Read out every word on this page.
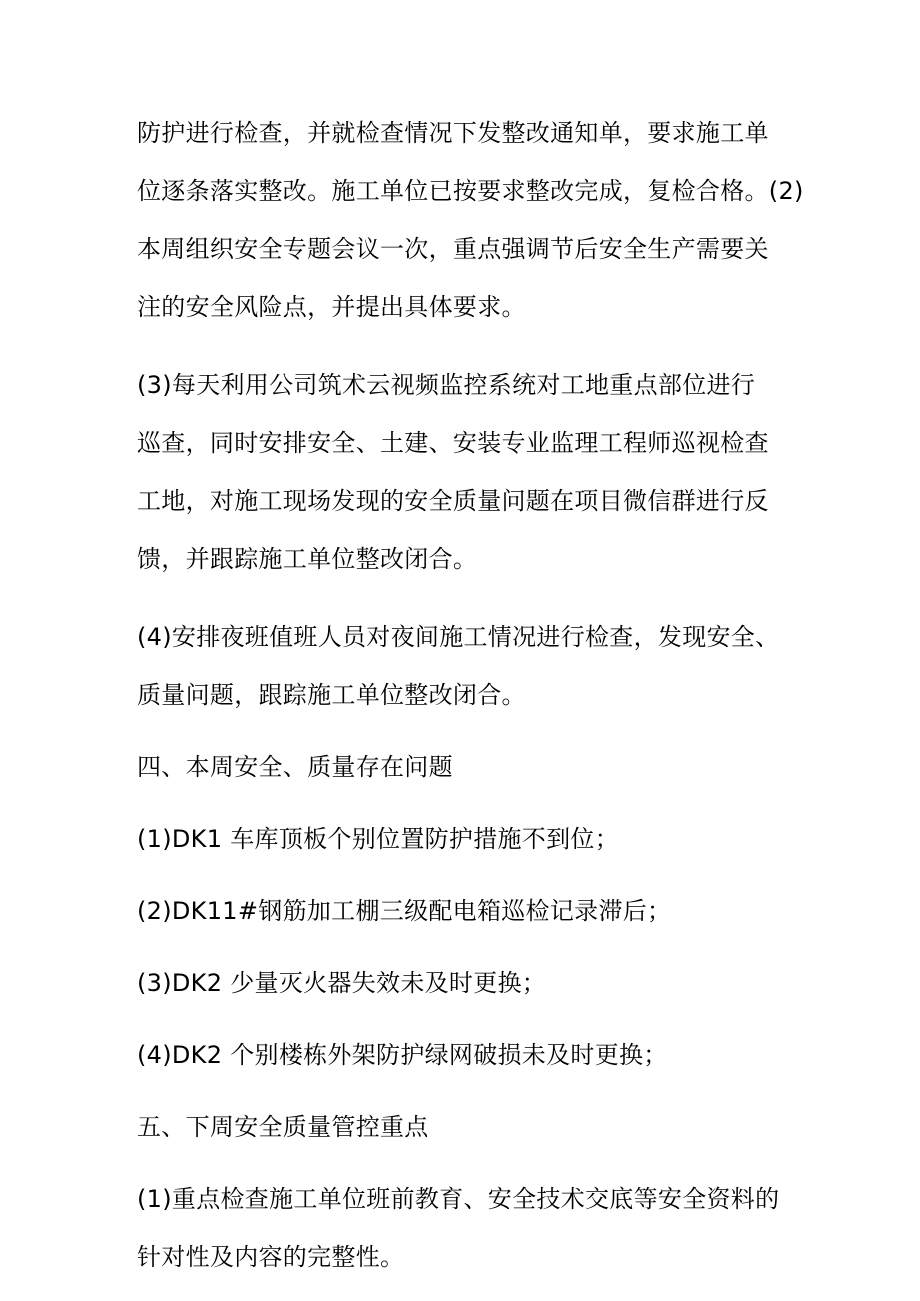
防护进行检查，并就检查情况下发整改通知单，要求施工单
位逐条落实整改。施工单位已按要求整改完成，复检合格。(2)
本周组织安全专题会议一次，重点强调节后安全生产需要关
注的安全风险点，并提出具体要求。

(3)每天利用公司筑术云视频监控系统对工地重点部位进行
巡查，同时安排安全、土建、安装专业监理工程师巡视检查
工地，对施工现场发现的安全质量问题在项目微信群进行反
馈，并跟踪施工单位整改闭合。

(4)安排夜班值班人员对夜间施工情况进行检查，发现安全、
质量问题，跟踪施工单位整改闭合。

四、本周安全、质量存在问题

(1)DK1 车库顶板个别位置防护措施不到位；

(2)DK11#钢筋加工棚三级配电箱巡检记录滞后；

(3)DK2 少量灭火器失效未及时更换；

(4)DK2 个别楼栋外架防护绿网破损未及时更换；

五、下周安全质量管控重点

(1)重点检查施工单位班前教育、安全技术交底等安全资料的
针对性及内容的完整性。
